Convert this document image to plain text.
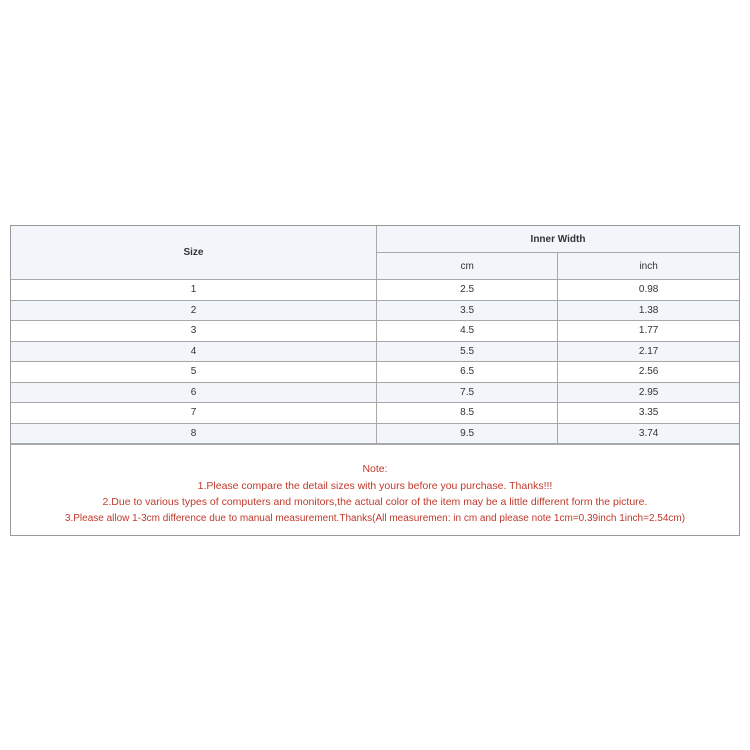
Size	Inner Width	
	cm	inch
1	2.5	0.98
2	3.5	1.38
3	4.5	1.77
4	5.5	2.17
5	6.5	2.56
6	7.5	2.95
7	8.5	3.35
8	9.5	3.74
Note:
1.Please compare the detail sizes with yours before you purchase. Thanks!!!
2.Due to various types of computers and monitors,the actual color of the item may be a little different form the picture.
3.Please allow 1-3cm difference due to manual measurement.Thanks(All measuremen: in cm and please note 1cm=0.39inch 1inch=2.54cm)
